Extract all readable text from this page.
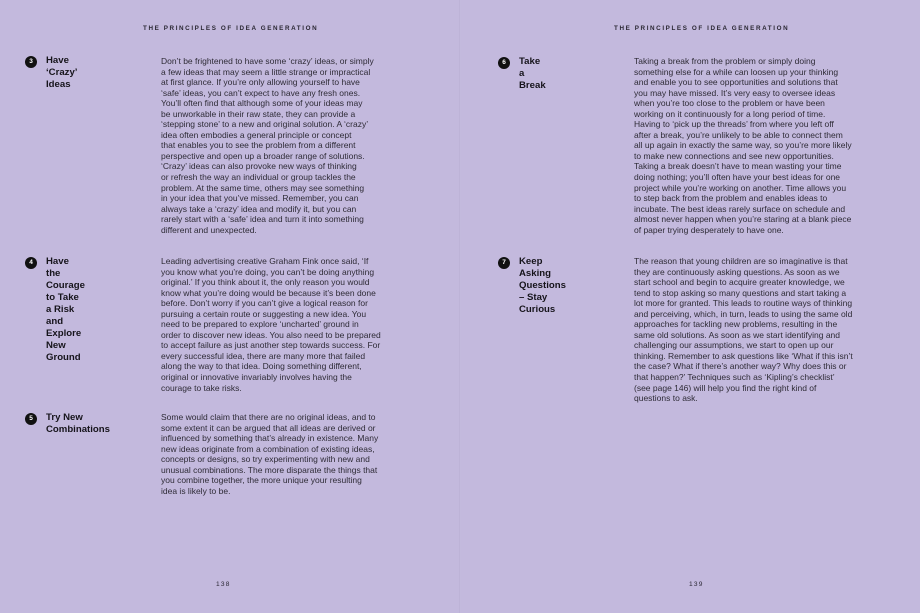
THE PRINCIPLES OF IDEA GENERATION
3	Have ‘Crazy’ Ideas
Don’t be frightened to have some ‘crazy’ ideas, or simply
a few ideas that may seem a little strange or impractical
at first glance. If you’re only allowing yourself to have
‘safe’ ideas, you can’t expect to have any fresh ones.
You’ll often find that although some of your ideas may
be unworkable in their raw state, they can provide a
‘stepping stone’ to a new and original solution. A ‘crazy’
idea often embodies a general principle or concept
that enables you to see the problem from a different
perspective and open up a broader range of solutions.
‘Crazy’ ideas can also provoke new ways of thinking
or refresh the way an individual or group tackles the
problem. At the same time, others may see something
in your idea that you’ve missed. Remember, you can
always take a ‘crazy’ idea and modify it, but you can
rarely start with a ‘safe’ idea and turn it into something
different and unexpected.
4	Have the Courage
to Take a Risk and
Explore New Ground
Leading advertising creative Graham Fink once said, ‘If
you know what you’re doing, you can’t be doing anything
original.’ If you think about it, the only reason you would
know what you’re doing would be because it’s been done
before. Don’t worry if you can’t give a logical reason for
pursuing a certain route or suggesting a new idea. You
need to be prepared to explore ‘uncharted’ ground in
order to discover new ideas. You also need to be prepared
to accept failure as just another step towards success. For
every successful idea, there are many more that failed
along the way to that idea. Doing something different,
original or innovative invariably involves having the
courage to take risks.
5	Try New
Combinations
Some would claim that there are no original ideas, and to
some extent it can be argued that all ideas are derived or
influenced by something that’s already in existence. Many
new ideas originate from a combination of existing ideas,
concepts or designs, so try experimenting with new and
unusual combinations. The more disparate the things that
you combine together, the more unique your resulting
idea is likely to be.
138
THE PRINCIPLES OF IDEA GENERATION
6	Take a Break
Taking a break from the problem or simply doing
something else for a while can loosen up your thinking
and enable you to see opportunities and solutions that
you may have missed. It’s very easy to oversee ideas
when you’re too close to the problem or have been
working on it continuously for a long period of time.
Having to ‘pick up the threads’ from where you left off
after a break, you’re unlikely to be able to connect them
all up again in exactly the same way, so you’re more likely
to make new connections and see new opportunities.
Taking a break doesn’t have to mean wasting your time
doing nothing; you’ll often have your best ideas for one
project while you’re working on another. Time allows you
to step back from the problem and enables ideas to
incubate. The best ideas rarely surface on schedule and
almost never happen when you’re staring at a blank piece
of paper trying desperately to have one.
7	Keep Asking
Questions – Stay
Curious
The reason that young children are so imaginative is that
they are continuously asking questions. As soon as we
start school and begin to acquire greater knowledge, we
tend to stop asking so many questions and start taking a
lot more for granted. This leads to routine ways of thinking
and perceiving, which, in turn, leads to using the same old
approaches for tackling new problems, resulting in the
same old solutions. As soon as we start identifying and
challenging our assumptions, we start to open up our
thinking. Remember to ask questions like ‘What if this isn’t
the case? What if there’s another way? Why does this or
that happen?’ Techniques such as ‘Kipling’s checklist’
(see page 146) will help you find the right kind of
questions to ask.
139
